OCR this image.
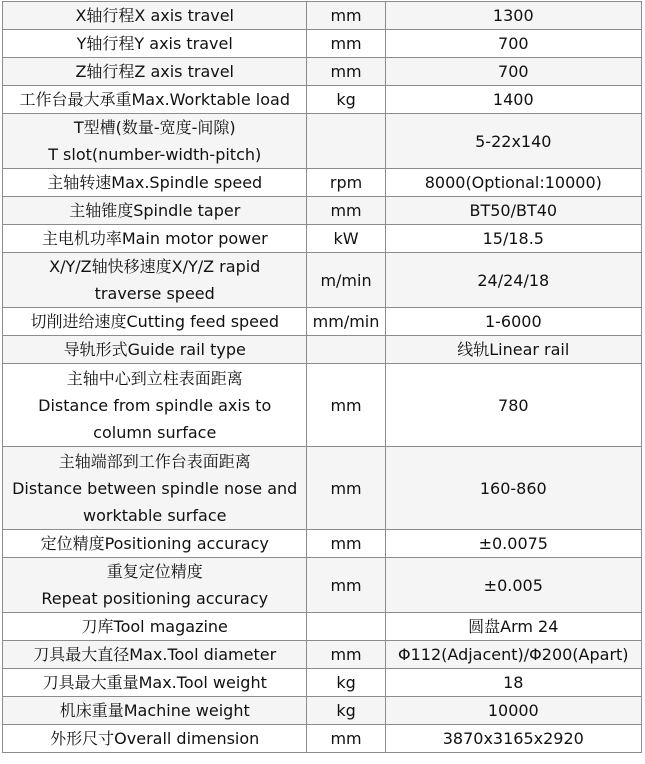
X轴行程X axis travel	mm	1300

Y轴行程Y axis travel	mm	700

Z轴行程Z axis travel	mm	700

工作台最大承重Max.Worktable load	kg	1400

T型槽(数量-宽度-间隙)
T slot(number-width-pitch)		5-22x140

主轴转速Max.Spindle speed	rpm	8000(Optional:10000)

主轴锥度Spindle taper	mm	BT50/BT40

主电机功率Main motor power	kW	15/18.5

X/Y/Z轴快移速度X/Y/Z rapid
traverse speed	m/min	24/24/18

切削进给速度Cutting feed speed	mm/min	1-6000

导轨形式Guide rail type		线轨Linear rail

主轴中心到立柱表面距离
Distance from spindle axis to
column surface	mm	780

主轴端部到工作台表面距离
Distance between spindle nose and
worktable surface	mm	160-860

定位精度Positioning accuracy	mm	±0.0075

重复定位精度
Repeat positioning accuracy	mm	±0.005

刀库Tool magazine		圆盘Arm 24

刀具最大直径Max.Tool diameter	mm	Φ112(Adjacent)/Φ200(Apart)

刀具最大重量Max.Tool weight	kg	18

机床重量Machine weight	kg	10000

外形尺寸Overall dimension	mm	3870x3165x2920
